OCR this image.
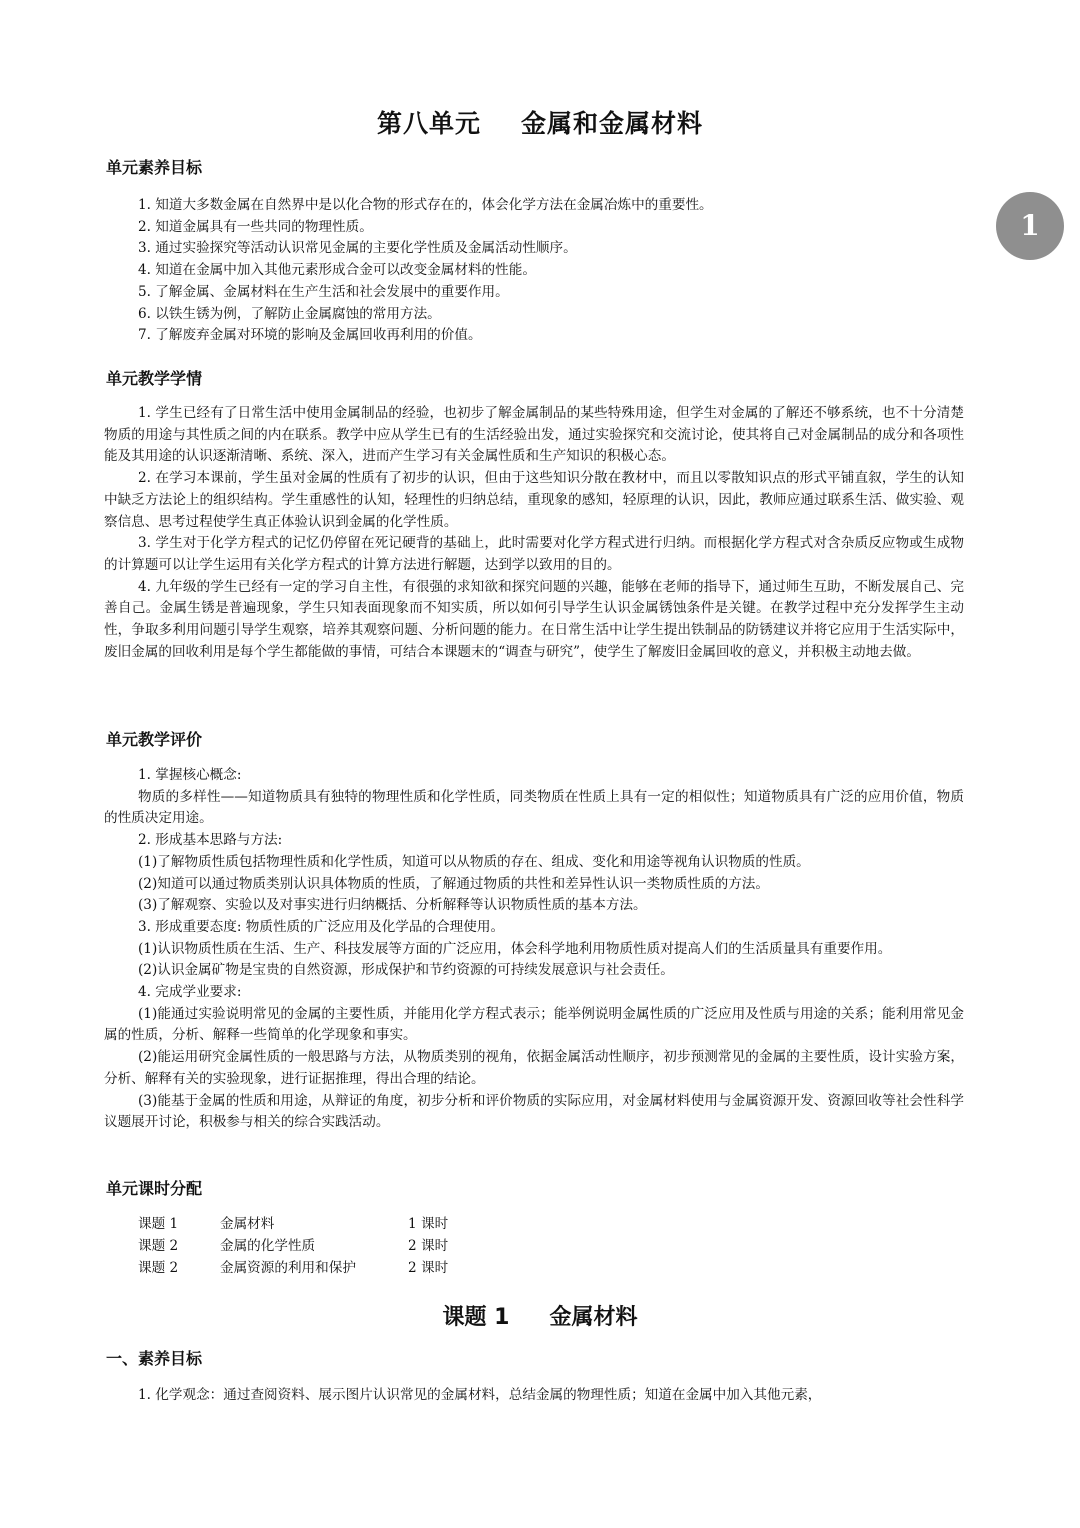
第八单元 金属和金属材料
1
单元素养目标

1. 知道大多数金属在自然界中是以化合物的形式存在的，体会化学方法在金属冶炼中的重要性。

2. 知道金属具有一些共同的物理性质。

3. 通过实验探究等活动认识常见金属的主要化学性质及金属活动性顺序。

4. 知道在金属中加入其他元素形成合金可以改变金属材料的性能。

5. 了解金属、金属材料在生产生活和社会发展中的重要作用。

6. 以铁生锈为例，了解防止金属腐蚀的常用方法。

7. 了解废弃金属对环境的影响及金属回收再利用的价值。

单元教学学情

1. 学生已经有了日常生活中使用金属制品的经验，也初步了解金属制品的某些特殊用途，但学生对金属的了解还不够系统，也不十分清楚物质的用途与其性质之间的内在联系。教学中应从学生已有的生活经验出发，通过实验探究和交流讨论，使其将自己对金属制品的成分和各项性能及其用途的认识逐渐清晰、系统、深入，进而产生学习有关金属性质和生产知识的积极心态。

2. 在学习本课前，学生虽对金属的性质有了初步的认识，但由于这些知识分散在教材中，而且以零散知识点的形式平铺直叙，学生的认知中缺乏方法论上的组织结构。学生重感性的认知，轻理性的归纳总结，重现象的感知，轻原理的认识，因此，教师应通过联系生活、做实验、观察信息、思考过程使学生真正体验认识到金属的化学性质。

3. 学生对于化学方程式的记忆仍停留在死记硬背的基础上，此时需要对化学方程式进行归纳。而根据化学方程式对含杂质反应物或生成物的计算题可以让学生运用有关化学方程式的计算方法进行解题，达到学以致用的目的。

4. 九年级的学生已经有一定的学习自主性，有很强的求知欲和探究问题的兴趣，能够在老师的指导下，通过师生互助，不断发展自己、完善自己。金属生锈是普遍现象，学生只知表面现象而不知实质，所以如何引导学生认识金属锈蚀条件是关键。在教学过程中充分发挥学生主动性，争取多利用问题引导学生观察，培养其观察问题、分析问题的能力。在日常生活中让学生提出铁制品的防锈建议并将它应用于生活实际中，废旧金属的回收利用是每个学生都能做的事情，可结合本课题末的“调查与研究”，使学生了解废旧金属回收的意义，并积极主动地去做。

单元教学评价

1. 掌握核心概念:

物质的多样性——知道物质具有独特的物理性质和化学性质，同类物质在性质上具有一定的相似性；知道物质具有广泛的应用价值，物质的性质决定用途。

2. 形成基本思路与方法:

(1)了解物质性质包括物理性质和化学性质，知道可以从物质的存在、组成、变化和用途等视角认识物质的性质。

(2)知道可以通过物质类别认识具体物质的性质，了解通过物质的共性和差异性认识一类物质性质的方法。

(3)了解观察、实验以及对事实进行归纳概括、分析解释等认识物质性质的基本方法。

3. 形成重要态度: 物质性质的广泛应用及化学品的合理使用。

(1)认识物质性质在生活、生产、科技发展等方面的广泛应用，体会科学地利用物质性质对提高人们的生活质量具有重要作用。

(2)认识金属矿物是宝贵的自然资源，形成保护和节约资源的可持续发展意识与社会责任。

4. 完成学业要求:

(1)能通过实验说明常见的金属的主要性质，并能用化学方程式表示；能举例说明金属性质的广泛应用及性质与用途的关系；能利用常见金属的性质，分析、解释一些简单的化学现象和事实。

(2)能运用研究金属性质的一般思路与方法，从物质类别的视角，依据金属活动性顺序，初步预测常见的金属的主要性质，设计实验方案，分析、解释有关的实验现象，进行证据推理，得出合理的结论。

(3)能基于金属的性质和用途，从辩证的角度，初步分析和评价物质的实际应用，对金属材料使用与金属资源开发、资源回收等社会性科学议题展开讨论，积极参与相关的综合实践活动。

单元课时分配
课题 1	金属材料	1 课时
课题 2	金属的化学性质	2 课时
课题 2	金属资源的利用和保护	2 课时
课题 1 金属材料
一、素养目标

1. 化学观念：通过查阅资料、展示图片认识常见的金属材料，总结金属的物理性质；知道在金属中加入其他元素，
